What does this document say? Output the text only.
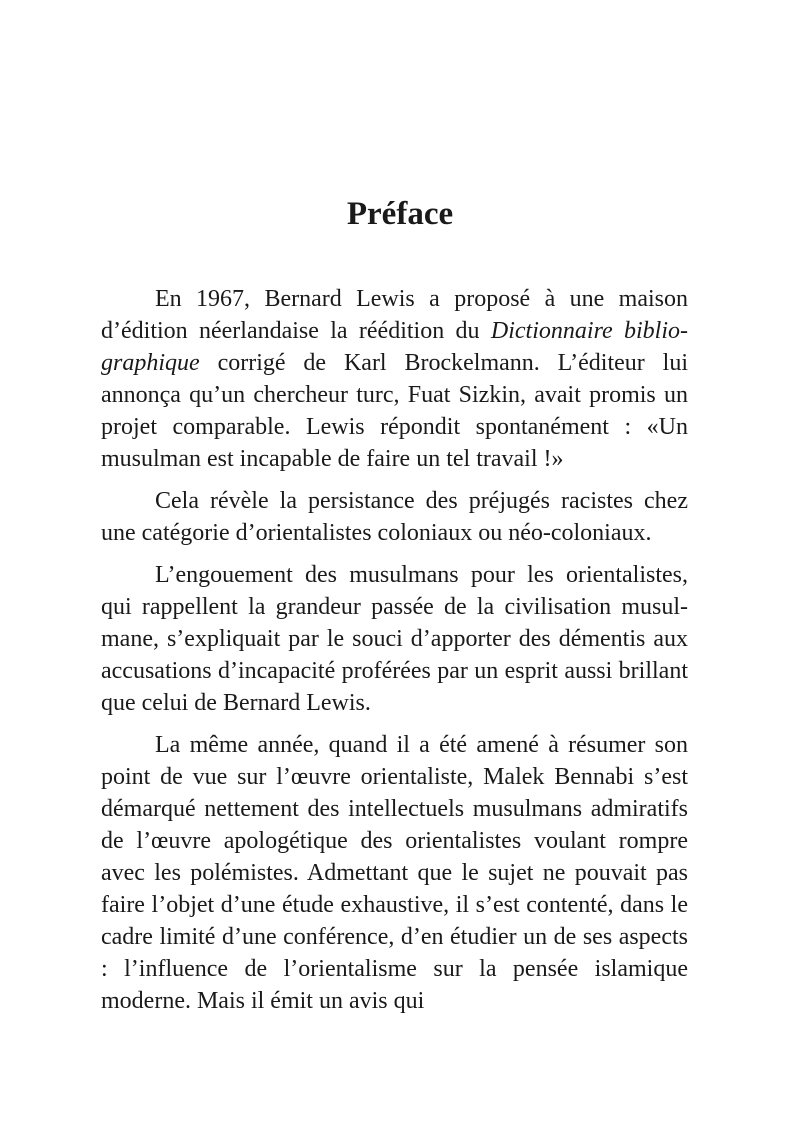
Préface

En 1967, Bernard Lewis a proposé à une maison d’édition néerlandaise la réédition du Dictionnaire bibliographique corrigé de Karl Brockelmann. L’éditeur lui annonça qu’un chercheur turc, Fuat Sizkin, avait promis un projet comparable. Lewis répondit spontanément : «Un musulman est incapable de faire un tel travail !»

Cela révèle la persistance des préjugés racistes chez une catégorie d’orientalistes coloniaux ou néo-coloniaux.

L’engouement des musulmans pour les orientalistes, qui rappellent la grandeur passée de la civilisation musulmane, s’expliquait par le souci d’apporter des démentis aux accusations d’incapacité proférées par un esprit aussi brillant que celui de Bernard Lewis.

La même année, quand il a été amené à résumer son point de vue sur l’œuvre orientaliste, Malek Bennabi s’est démarqué nettement des intellectuels musulmans admiratifs de l’œuvre apologétique des orientalistes voulant rompre avec les polémistes. Admettant que le sujet ne pouvait pas faire l’objet d’une étude exhaustive, il s’est contenté, dans le cadre limité d’une conférence, d’en étudier un de ses aspects : l’influence de l’orientalisme sur la pensée islamique moderne. Mais il émit un avis qui
